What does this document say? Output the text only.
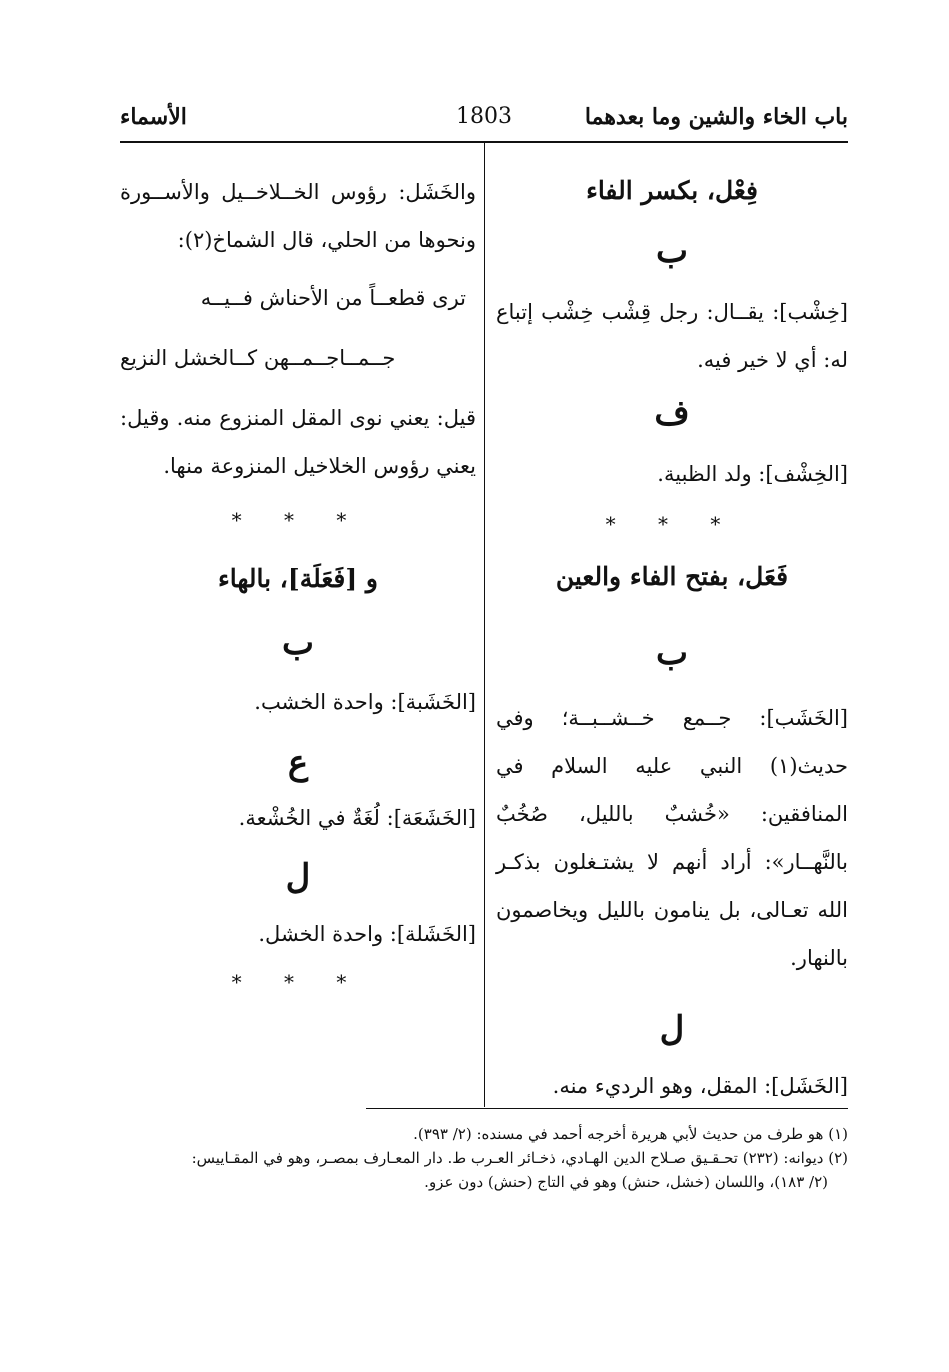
1803	باب الخاء والشين وما بعدهما
الأسماء
فِعْل، بكسر الفاء
ب
[خِشْب]: يقــال: رجل قِشْب خِشْب إتباع له: أي لا خير فيه.
ف
[الخِشْف]: ولد الظبية.
* * *
فَعَل، بفتح الفاء والعين
ب
[الخَشَب]: جــمع خــشــبــة؛ وفي حديث(١) النبي عليه السلام في المنافقين: «خُشبٌ بالليل، صُخُبٌ بالنَّهــار»: أراد أنهم لا يشتـغلون بذكـر الله تعـالى، بل ينامون بالليل ويخاصمون بالنهار.
ل
[الخَشَل]: المقل، وهو الرديء منه.
والخَشَل: رؤوس الخــلاخــيل والأســورة ونحوها من الحلي، قال الشماخ(٢):
ترى قطعــاً من الأحناش فــيــه
جــمــاجــمــهن كــالخشل النزيع
قيل: يعني نوى المقل المنزوع منه. وقيل: يعني رؤوس الخلاخيل المنزوعة منها.
* * *
و [فَعَلَة]، بالهاء
ب
[الخَشَبة]: واحدة الخشب.
ع
[الخَشَعَة]: لُغَةٌ في الخُشْعة.
ل
[الخَشَلة]: واحدة الخشل.
* * *

(١) هو طرف من حديث لأبي هريرة أخرجه أحمد في مسنده: (٢/ ٣٩٣).

(٢) ديوانه: (٢٣٢) تحـقـيق صـلاح الدين الهـادي، ذخـائر العـرب ط. دار المعـارف بمصـر، وهو في المقـاييس:

(٢/ ١٨٣)، واللسان (خشل، حنش) وهو في التاج (حنش) دون عزو.
